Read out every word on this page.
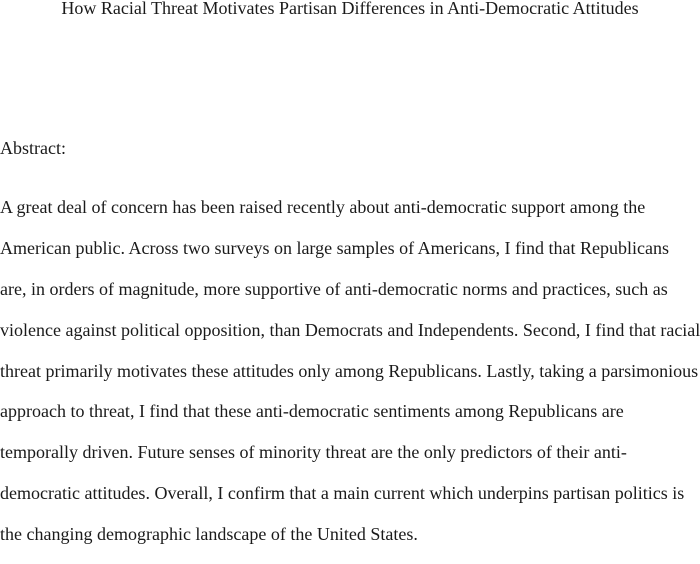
How Racial Threat Motivates Partisan Differences in Anti-Democratic Attitudes
Abstract:

A great deal of concern has been raised recently about anti-democratic support among the
American public. Across two surveys on large samples of Americans, I find that Republicans
are, in orders of magnitude, more supportive of anti-democratic norms and practices, such as
violence against political opposition, than Democrats and Independents. Second, I find that racial
threat primarily motivates these attitudes only among Republicans. Lastly, taking a parsimonious
approach to threat, I find that these anti-democratic sentiments among Republicans are
temporally driven. Future senses of minority threat are the only predictors of their anti-
democratic attitudes. Overall, I confirm that a main current which underpins partisan politics is
the changing demographic landscape of the United States.
